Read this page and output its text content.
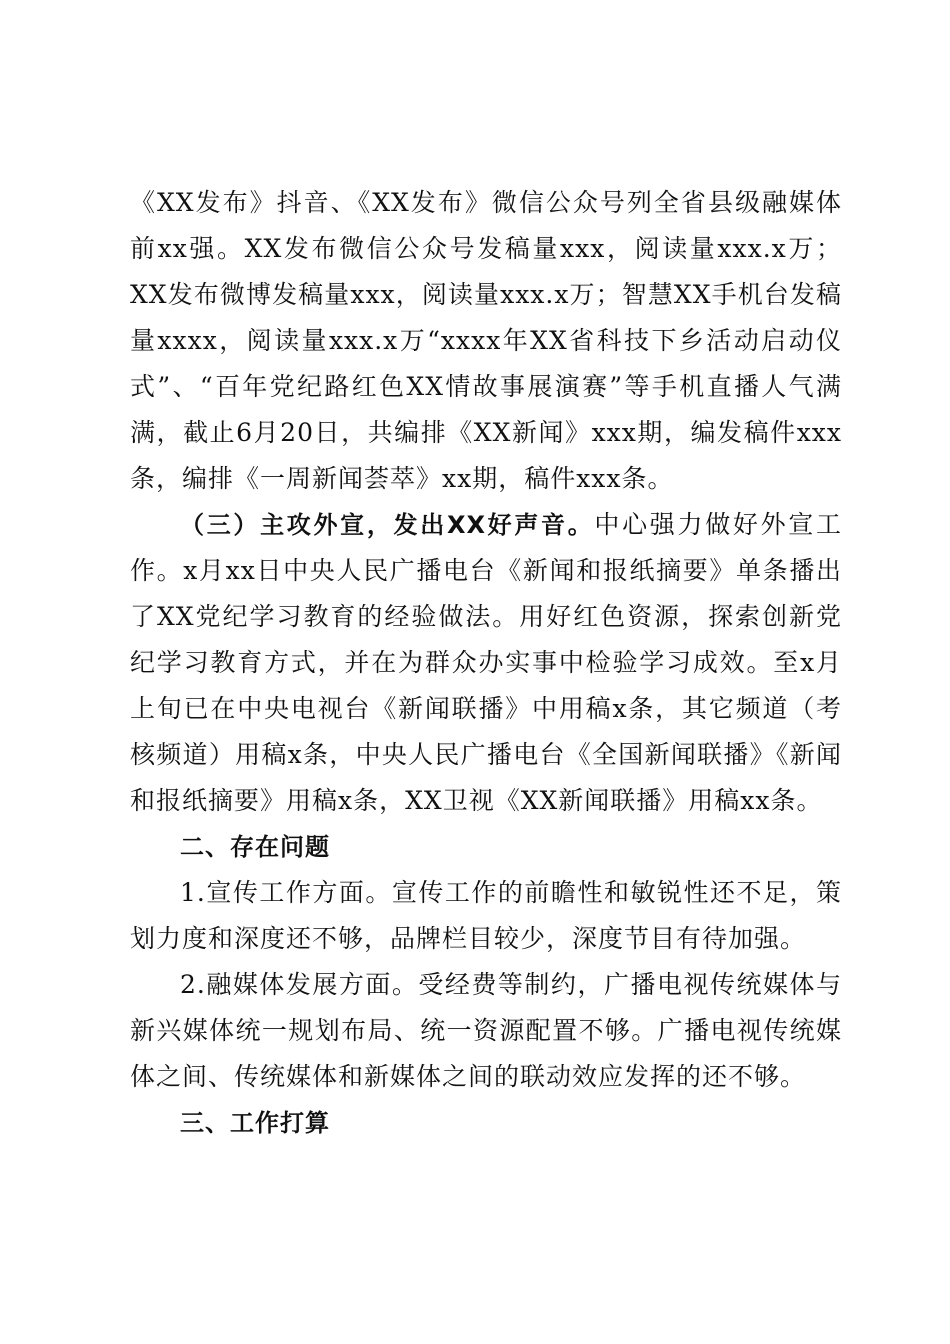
《XX发布》抖音、《XX发布》微信公众号列全省县级融媒体前xx强。XX发布微信公众号发稿量xxx，阅读量xxx.x万；XX发布微博发稿量xxx，阅读量xxx.x万；智慧XX手机台发稿量xxxx，阅读量xxx.x万“xxxx年XX省科技下乡活动启动仪式”、“百年党纪路红色XX情故事展演赛”等手机直播人气满满，截止6月20日，共编排《XX新闻》xxx期，编发稿件xxx条，编排《一周新闻荟萃》xx期，稿件xxx条。

（三）主攻外宣，发出XX好声音。中心强力做好外宣工作。x月xx日中央人民广播电台《新闻和报纸摘要》单条播出了XX党纪学习教育的经验做法。用好红色资源，探索创新党纪学习教育方式，并在为群众办实事中检验学习成效。至x月上旬已在中央电视台《新闻联播》中用稿x条，其它频道（考核频道）用稿x条，中央人民广播电台《全国新闻联播》《新闻和报纸摘要》用稿x条，XX卫视《XX新闻联播》用稿xx条。

二、存在问题

1.宣传工作方面。宣传工作的前瞻性和敏锐性还不足，策划力度和深度还不够，品牌栏目较少，深度节目有待加强。

2.融媒体发展方面。受经费等制约，广播电视传统媒体与新兴媒体统一规划布局、统一资源配置不够。广播电视传统媒体之间、传统媒体和新媒体之间的联动效应发挥的还不够。

三、工作打算
